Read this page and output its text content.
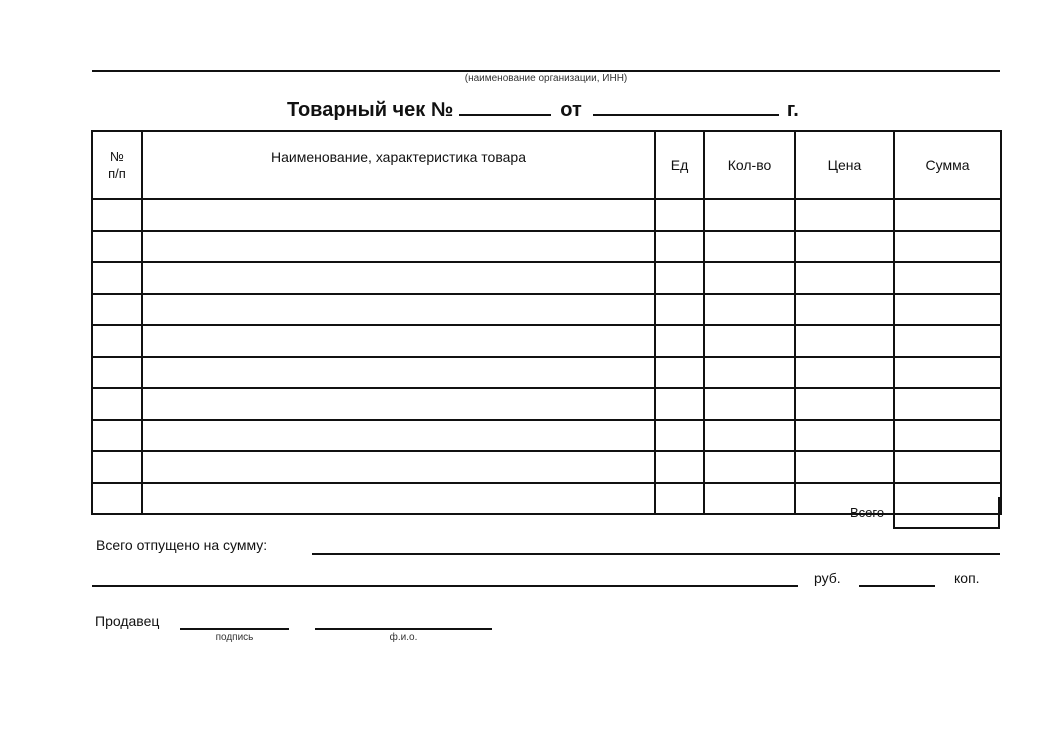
(наименование организации, ИНН)
Товарный чек №	от	г.
№ п/п	Наименование, характеристика товара	Ед	Кол-во	Цена	Сумма

Всего
Всего отпущено на сумму:
руб.	коп.
Продавец
подпись	ф.и.о.
